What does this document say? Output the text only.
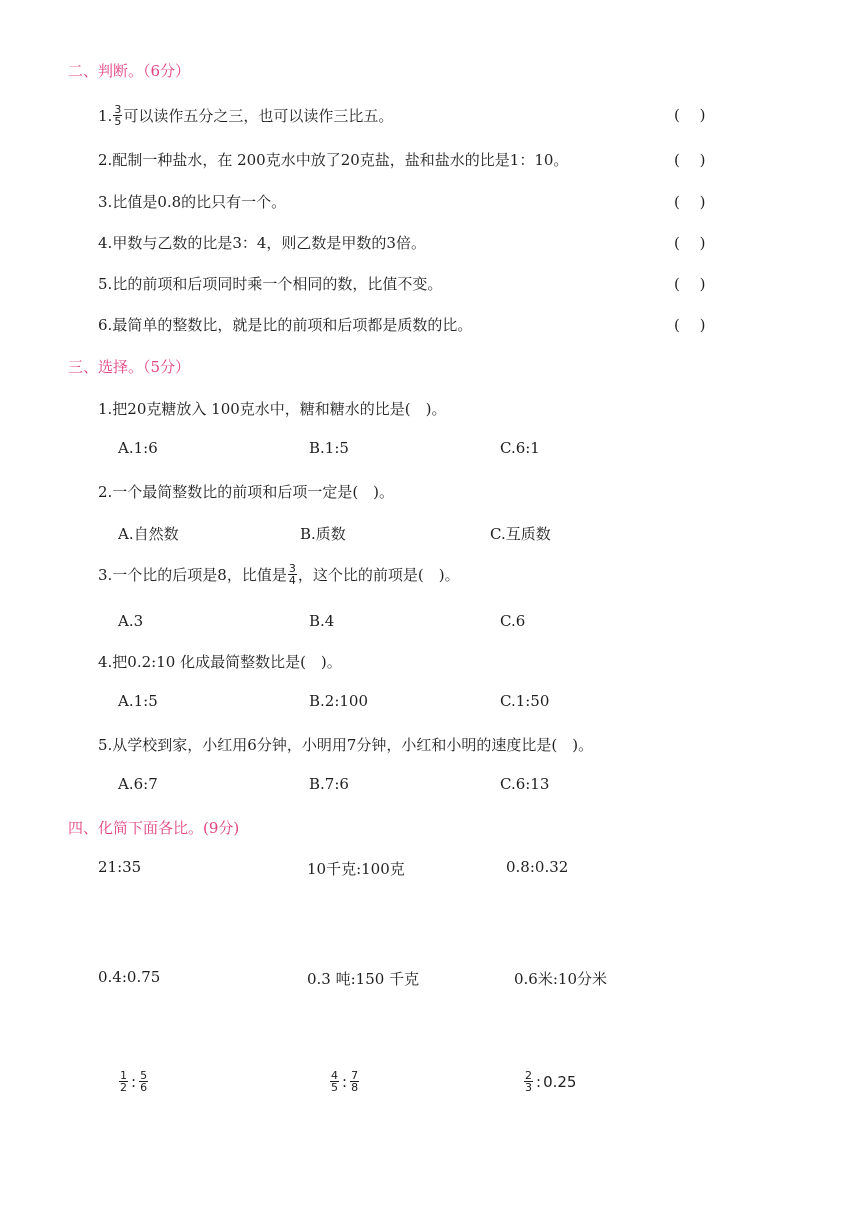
二、判断。（6分）
1. $\frac{3}{5}$ 可以读作五分之三，也可以读作三比五。	(　 )
2.配制一种盐水，在 200克水中放了20克盐，盐和盐水的比是1：10。	(　 )
3.比值是0.8的比只有一个。	(　 )
4.甲数与乙数的比是3：4，则乙数是甲数的3倍。	(　 )
5.比的前项和后项同时乘一个相同的数，比值不变。	(　 )
6.最简单的整数比，就是比的前项和后项都是质数的比。	(　 )
三、选择。（5分）
1.把20克糖放入 100克水中，糖和糖水的比是(　)。
A.1:6	B.1:5	C.6:1
2.一个最简整数比的前项和后项一定是(　)。
A.自然数	B.质数	C.互质数
3.一个比的后项是8，比值是 $\frac{3}{4}$ ，这个比的前项是(　)。
A.3	B.4	C.6
4.把0.2:10 化成最简整数比是(　)。
A.1:5	B.2:100	C.1:50
5.从学校到家，小红用6分钟，小明用7分钟，小红和小明的速度比是(　)。
A.6:7	B.7:6	C.6:13
四、化简下面各比。(9分)
21:35	10千克:100克	0.8:0.32
0.4:0.75	0.3 吨:150 千克	0.6米:10分米
$\frac{1}{2}$ : $\frac{5}{6}$	$\frac{4}{5}$ : $\frac{7}{8}$	$\frac{2}{3}$ : 0.25
